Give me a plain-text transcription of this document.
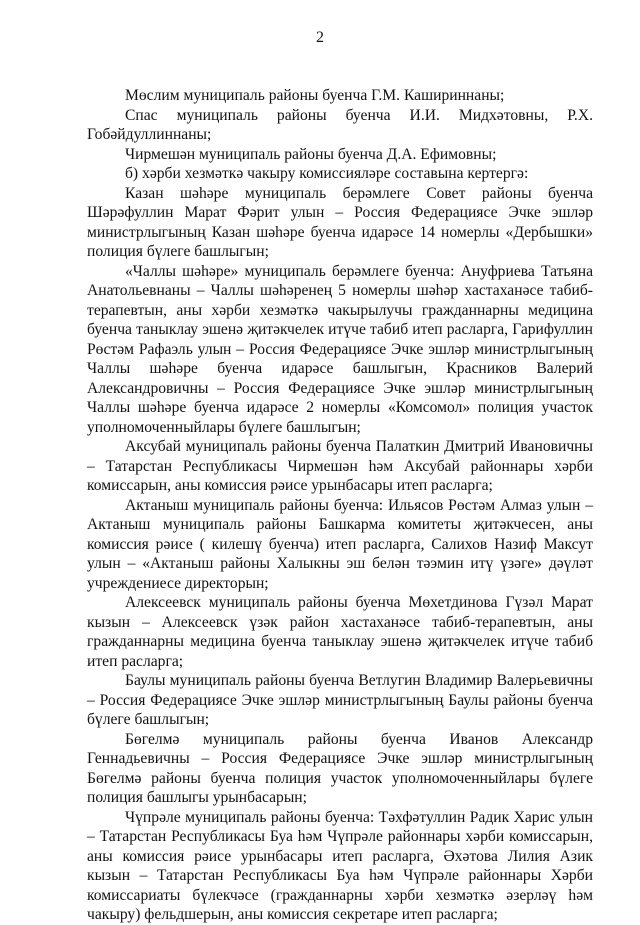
2

Мөслим муниципаль районы буенча Г.М. Кашириннаны;

Спас муниципаль районы буенча И.И. Мидхәтовны, Р.Х. Гобәйдуллиннаны;

Чирмешән муниципаль районы буенча Д.А. Ефимовны;

б) хәрби хезмәткә чакыру комиссияләре составына кертергә:

Казан шәһәре муниципаль берәмлеге Совет районы буенча Шәрәфуллин Марат Фәрит улын – Россия Федерациясе Эчке эшләр министрлыгының Казан шәһәре буенча идарәсе 14 номерлы «Дербышки» полиция бүлеге башлыгын;

«Чаллы шәһәре» муниципаль берәмлеге буенча: Ануфриева Татьяна Анатольевнаны – Чаллы шәһәренең 5 номерлы шәһәр хастаханәсе табиб-терапевтын, аны хәрби хезмәткә чакырылучы гражданнарны медицина буенча таныклау эшенә җитәкчелек итүче табиб итеп расларга, Гарифуллин Рөстәм Рафаэль улын – Россия Федерациясе Эчке эшләр министрлыгының Чаллы шәһәре буенча идарәсе башлыгын, Красников Валерий Александровичны – Россия Федерациясе Эчке эшләр министрлыгының Чаллы шәһәре буенча идарәсе 2 номерлы «Комсомол» полиция участок уполномоченныйлары бүлеге башлыгын;

Аксубай муниципаль районы буенча Палаткин Дмитрий Ивановичны – Татарстан Республикасы Чирмешән һәм Аксубай районнары хәрби комиссарын, аны комиссия рәисе урынбасары итеп расларга;

Актаныш муниципаль районы буенча: Ильясов Рөстәм Алмаз улын – Актаныш муниципаль районы Башкарма комитеты җитәкчесен, аны комиссия рәисе ( килешү буенча) итеп расларга, Салихов Назиф Максут улын – «Актаныш районы Халыкны эш белән тәэмин итү үзәге» дәүләт учреждениесе директорын;

Алексеевск муниципаль районы буенча Мөхетдинова Гүзәл Марат кызын – Алексеевск үзәк район хастаханәсе табиб-терапевтын, аны гражданнарны медицина буенча таныклау эшенә җитәкчелек итүче табиб итеп расларга;

Баулы муниципаль районы буенча Ветлугин Владимир Валерьевичны – Россия Федерациясе Эчке эшләр министрлыгының Баулы районы буенча бүлеге башлыгын;

Бөгелмә муниципаль районы буенча Иванов Александр Геннадьевичны – Россия Федерациясе Эчке эшләр министрлыгының Бөгелмә районы буенча полиция участок уполномоченныйлары бүлеге полиция башлыгы урынбасарын;

Чүпрәле муниципаль районы буенча: Тәхфәтуллин Радик Харис улын – Татарстан Республикасы Буа һәм Чүпрәле районнары хәрби комиссарын, аны комиссия рәисе урынбасары итеп расларга, Әхәтова Лилия Азик кызын – Татарстан Республикасы Буа һәм Чүпрәле районнары Хәрби комиссариаты бүлекчәсе (гражданнарны хәрби хезмәткә әзерләү һәм чакыру) фельдшерын, аны комиссия секретаре итеп расларга;
